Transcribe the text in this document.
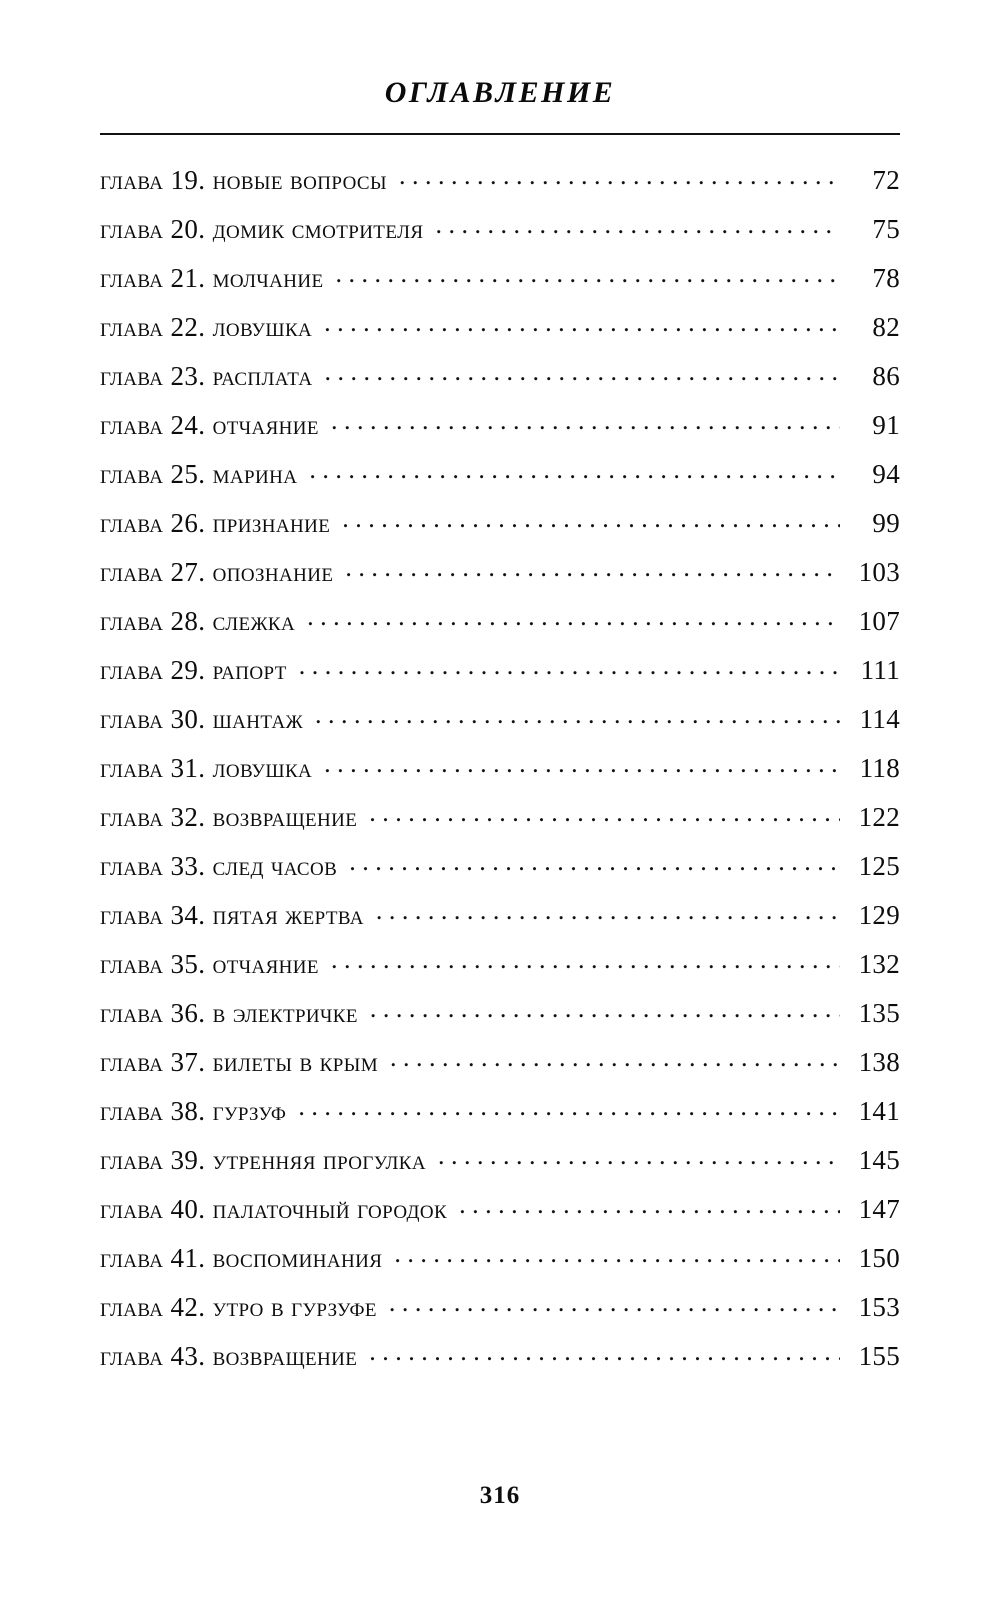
ОГЛАВЛЕНИЕ
глава 19. новые вопросы . . .	72
глава 20. домик смотрителя . . .	75
глава 21. молчание . . .	78
глава 22. ловушка . . .	82
глава 23. расплата . . .	86
глава 24. отчаяние . . .	91
глава 25. марина . . .	94
глава 26. признание . . .	99
глава 27. опознание . . .	103
глава 28. слежка . . .	107
глава 29. рапорт . . .	111
глава 30. шантаж . . .	114
глава 31. ловушка . . .	118
глава 32. возвращение . . .	122
глава 33. след часов . . .	125
глава 34. пятая жертва . . .	129
глава 35. отчаяние . . .	132
глава 36. в электричке . . .	135
глава 37. билеты в крым . . .	138
глава 38. гурзуф . . .	141
глава 39. утренняя прогулка . . .	145
глава 40. палаточный городок . . .	147
глава 41. воспоминания . . .	150
глава 42. утро в гурзуфе . . .	153
глава 43. возвращение . . .	155
316
